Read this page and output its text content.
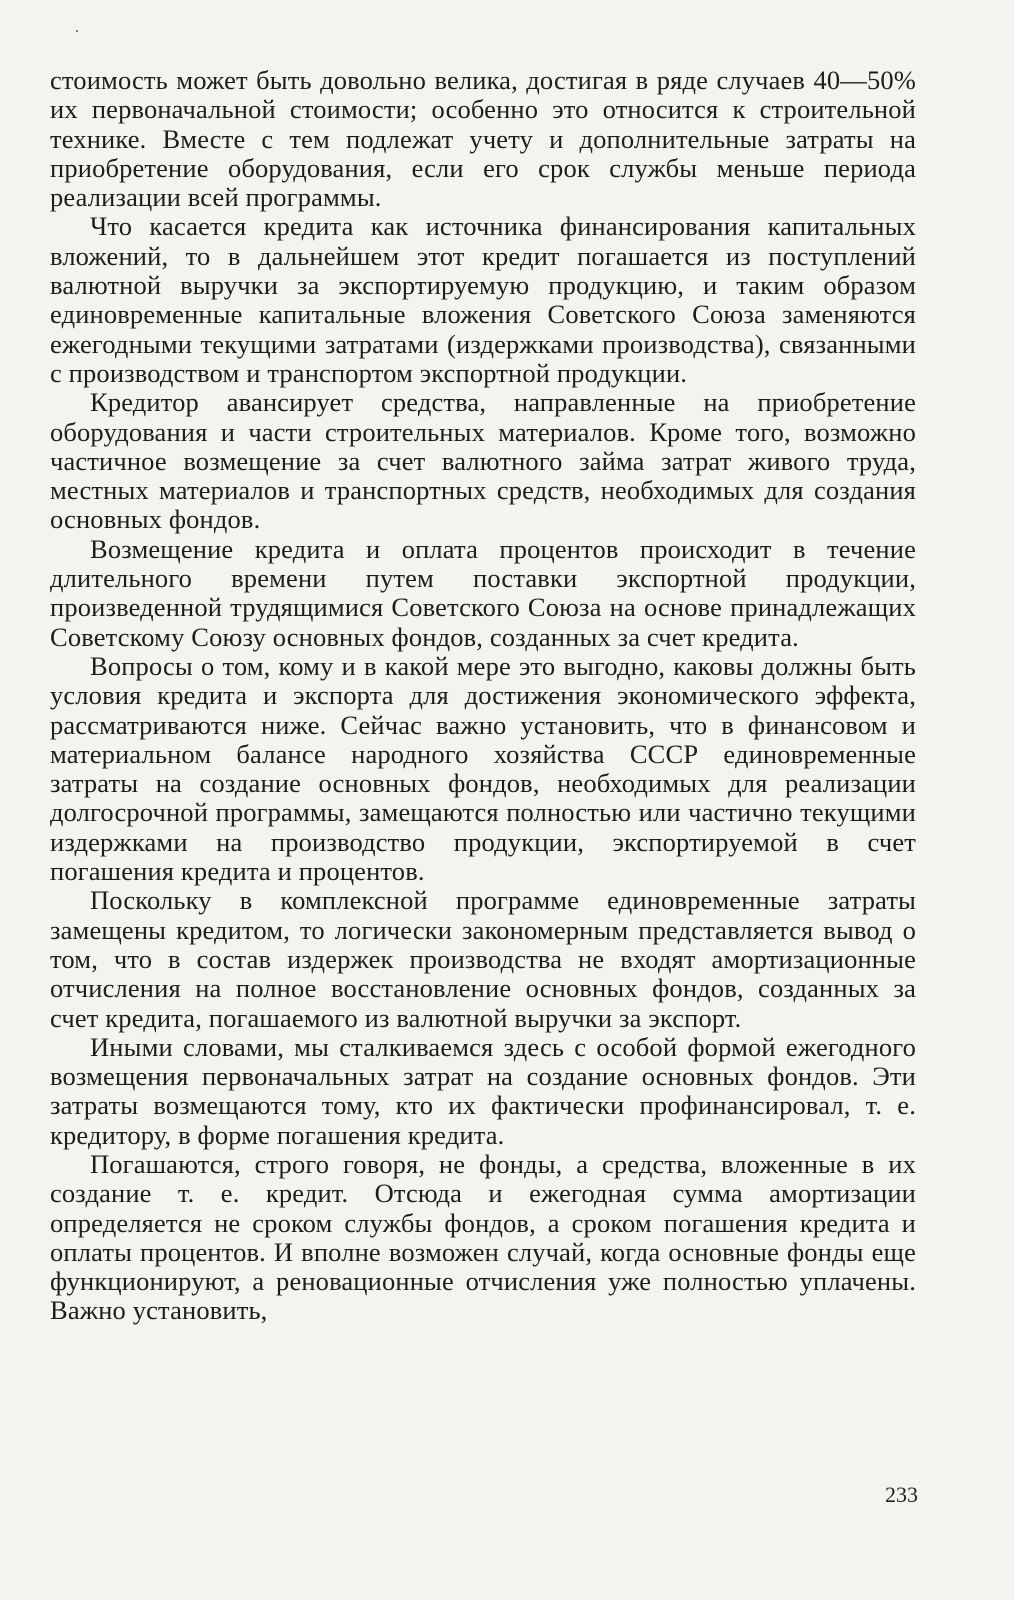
стоимость может быть довольно велика, достигая в ряде случаев 40—50% их первоначальной стоимости; особенно это относится к строительной технике. Вместе с тем подлежат учету и дополнительные затраты на приобретение оборудования, если его срок службы меньше периода реализации всей программы.

Что касается кредита как источника финансирования капитальных вложений, то в дальнейшем этот кредит погашается из поступлений валютной выручки за экспортируемую продукцию, и таким образом единовременные капитальные вложения Советского Союза заменяются ежегодными текущими затратами (издержками производства), связанными с производством и транспортом экспортной продукции.

Кредитор авансирует средства, направленные на приобретение оборудования и части строительных материалов. Кроме того, возможно частичное возмещение за счет валютного займа затрат живого труда, местных материалов и транспортных средств, необходимых для создания основных фондов.

Возмещение кредита и оплата процентов происходит в течение длительного времени путем поставки экспортной продукции, произведенной трудящимися Советского Союза на основе принадлежащих Советскому Союзу основных фондов, созданных за счет кредита.

Вопросы о том, кому и в какой мере это выгодно, каковы должны быть условия кредита и экспорта для достижения экономического эффекта, рассматриваются ниже. Сейчас важно установить, что в финансовом и материальном балансе народного хозяйства СССР единовременные затраты на создание основных фондов, необходимых для реализации долгосрочной программы, замещаются полностью или частично текущими издержками на производство продукции, экспортируемой в счет погашения кредита и процентов.

Поскольку в комплексной программе единовременные затраты замещены кредитом, то логически закономерным представляется вывод о том, что в состав издержек производства не входят амортизационные отчисления на полное восстановление основных фондов, созданных за счет кредита, погашаемого из валютной выручки за экспорт.

Иными словами, мы сталкиваемся здесь с особой формой ежегодного возмещения первоначальных затрат на создание основных фондов. Эти затраты возмещаются тому, кто их фактически профинансировал, т. е. кредитору, в форме погашения кредита.

Погашаются, строго говоря, не фонды, а средства, вложенные в их создание т. е. кредит. Отсюда и ежегодная сумма амортизации определяется не сроком службы фондов, а сроком погашения кредита и оплаты процентов. И вполне возможен случай, когда основные фонды еще функционируют, а реновационные отчисления уже полностью уплачены. Важно установить,

233
